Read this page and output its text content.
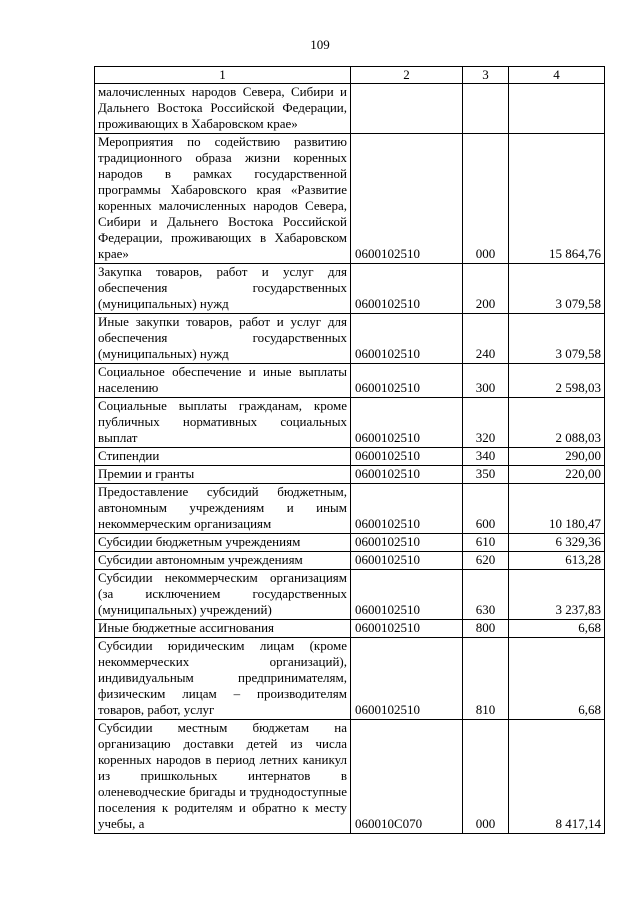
109
1	2	3	4
малочисленных народов Севера, Сибири и Дальнего Востока Российской Федерации, проживающих в Хабаровском крае»			
Мероприятия по содействию развитию традиционного образа жизни коренных народов в рамках государственной программы Хабаровского края «Развитие коренных малочисленных народов Севера, Сибири и Дальнего Востока Российской Федерации, проживающих в Хабаровском крае»	0600102510	000	15 864,76
Закупка товаров, работ и услуг для обеспечения государственных (муниципальных) нужд	0600102510	200	3 079,58
Иные закупки товаров, работ и услуг для обеспечения государственных (муниципальных) нужд	0600102510	240	3 079,58
Социальное обеспечение и иные выплаты населению	0600102510	300	2 598,03
Социальные выплаты гражданам, кроме публичных нормативных социальных выплат	0600102510	320	2 088,03
Стипендии	0600102510	340	290,00
Премии и гранты	0600102510	350	220,00
Предоставление субсидий бюджетным, автономным учреждениям и иным некоммерческим организациям	0600102510	600	10 180,47
Субсидии бюджетным учреждениям	0600102510	610	6 329,36
Субсидии автономным учреждениям	0600102510	620	613,28
Субсидии некоммерческим организациям (за исключением государственных (муниципальных) учреждений)	0600102510	630	3 237,83
Иные бюджетные ассигнования	0600102510	800	6,68
Субсидии юридическим лицам (кроме некоммерческих организаций), индивидуальным предпринимателям, физическим лицам – производителям товаров, работ, услуг	0600102510	810	6,68
Субсидии местным бюджетам на организацию доставки детей из числа коренных народов в период летних каникул из пришкольных интернатов в оленеводческие бригады и труднодоступные поселения к родителям и обратно к месту учебы, а	060010С070	000	8 417,14
